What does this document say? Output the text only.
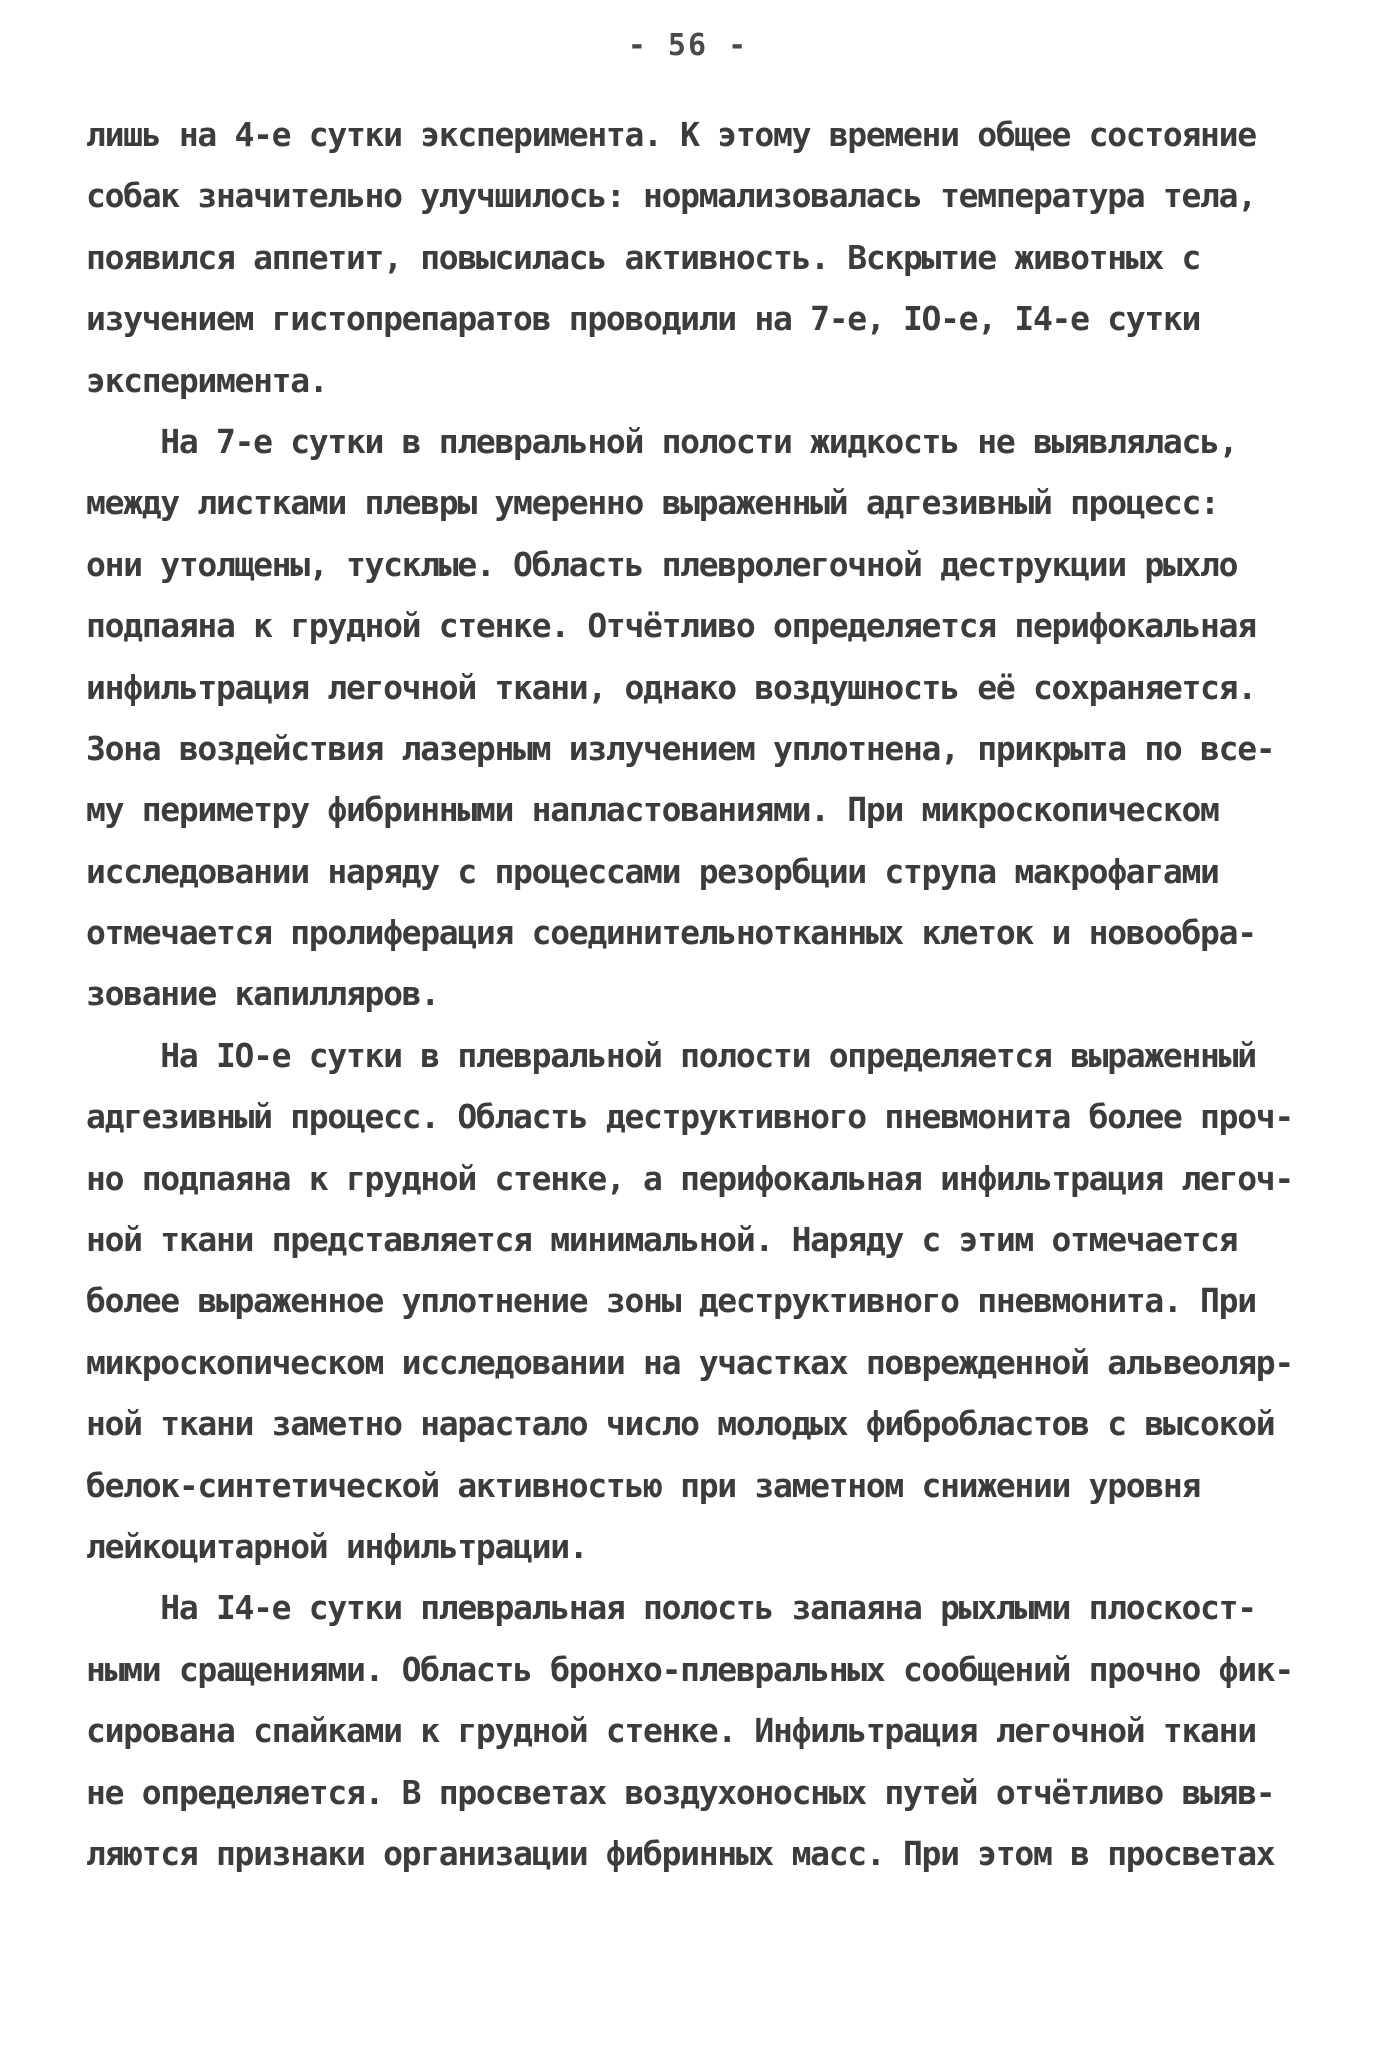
- 56 -
лишь на 4-е сутки эксперимента. К этому времени общее состояние
собак значительно улучшилось: нормализовалась температура тела,
появился аппетит, повысилась активность. Вскрытие животных с
изучением гистопрепаратов проводили на 7-е, IO-е, I4-е сутки
эксперимента.
На 7-е сутки в плевральной полости жидкость не выявлялась,
между листками плевры умеренно выраженный адгезивный процесс:
они утолщены, тусклые. Область плевролегочной деструкции рыхло
подпаяна к грудной стенке. Отчётливо определяется перифокальная
инфильтрация легочной ткани, однако воздушность её сохраняется.
Зона воздействия лазерным излучением уплотнена, прикрыта по все-
му периметру фибринными напластованиями. При микроскопическом
исследовании наряду с процессами резорбции струпа макрофагами
отмечается пролиферация соединительнотканных клеток и новообра-
зование капилляров.
На IO-е сутки в плевральной полости определяется выраженный
адгезивный процесс. Область деструктивного пневмонита более проч-
но подпаяна к грудной стенке, а перифокальная инфильтрация легоч-
ной ткани представляется минимальной. Наряду с этим отмечается
более выраженное уплотнение зоны деструктивного пневмонита. При
микроскопическом исследовании на участках поврежденной альвеоляр-
ной ткани заметно нарастало число молодых фибробластов с высокой
белок-синтетической активностью при заметном снижении уровня
лейкоцитарной инфильтрации.
На I4-е сутки плевральная полость запаяна рыхлыми плоскост-
ными сращениями. Область бронхо-плевральных сообщений прочно фик-
сирована спайками к грудной стенке. Инфильтрация легочной ткани
не определяется. В просветах воздухоносных путей отчётливо выяв-
ляются признаки организации фибринных масс. При этом в просветах
